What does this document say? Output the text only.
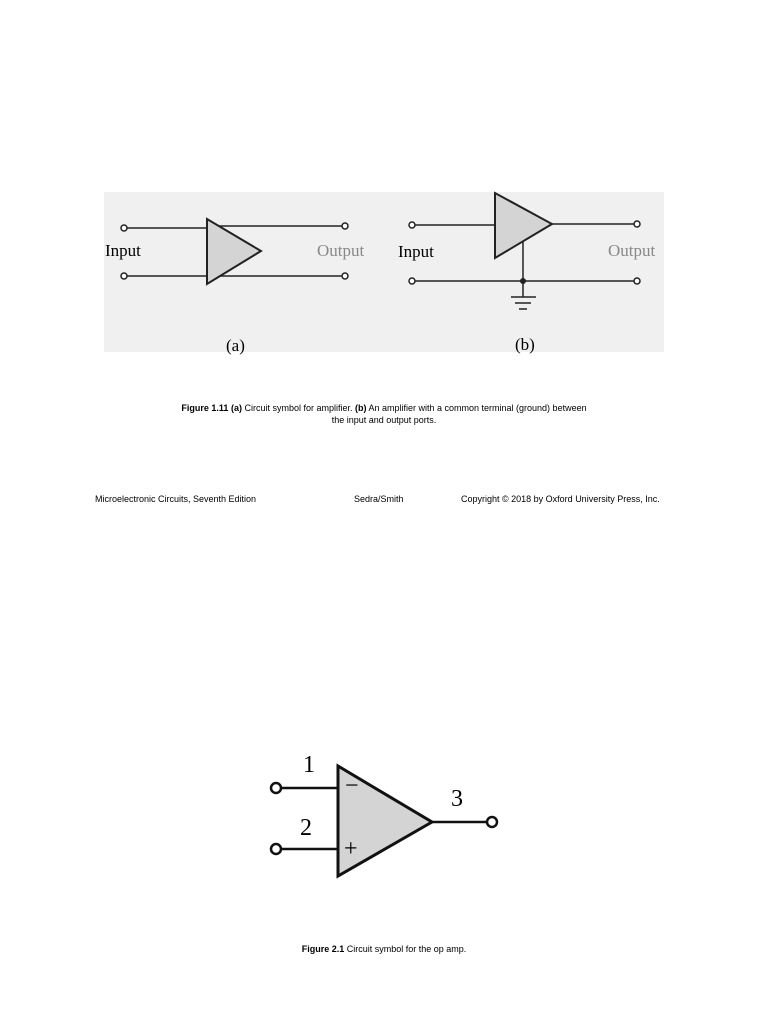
Input	Output
(a)
Input	Output
(b)
Figure 1.11 (a) Circuit symbol for amplifier. (b) An amplifier with a common terminal (ground) between
the input and output ports.
Microelectronic Circuits, Seventh Edition	Sedra/Smith	Copyright © 2018 by Oxford University Press, Inc.
1
2
3
−
+
Figure 2.1 Circuit symbol for the op amp.
